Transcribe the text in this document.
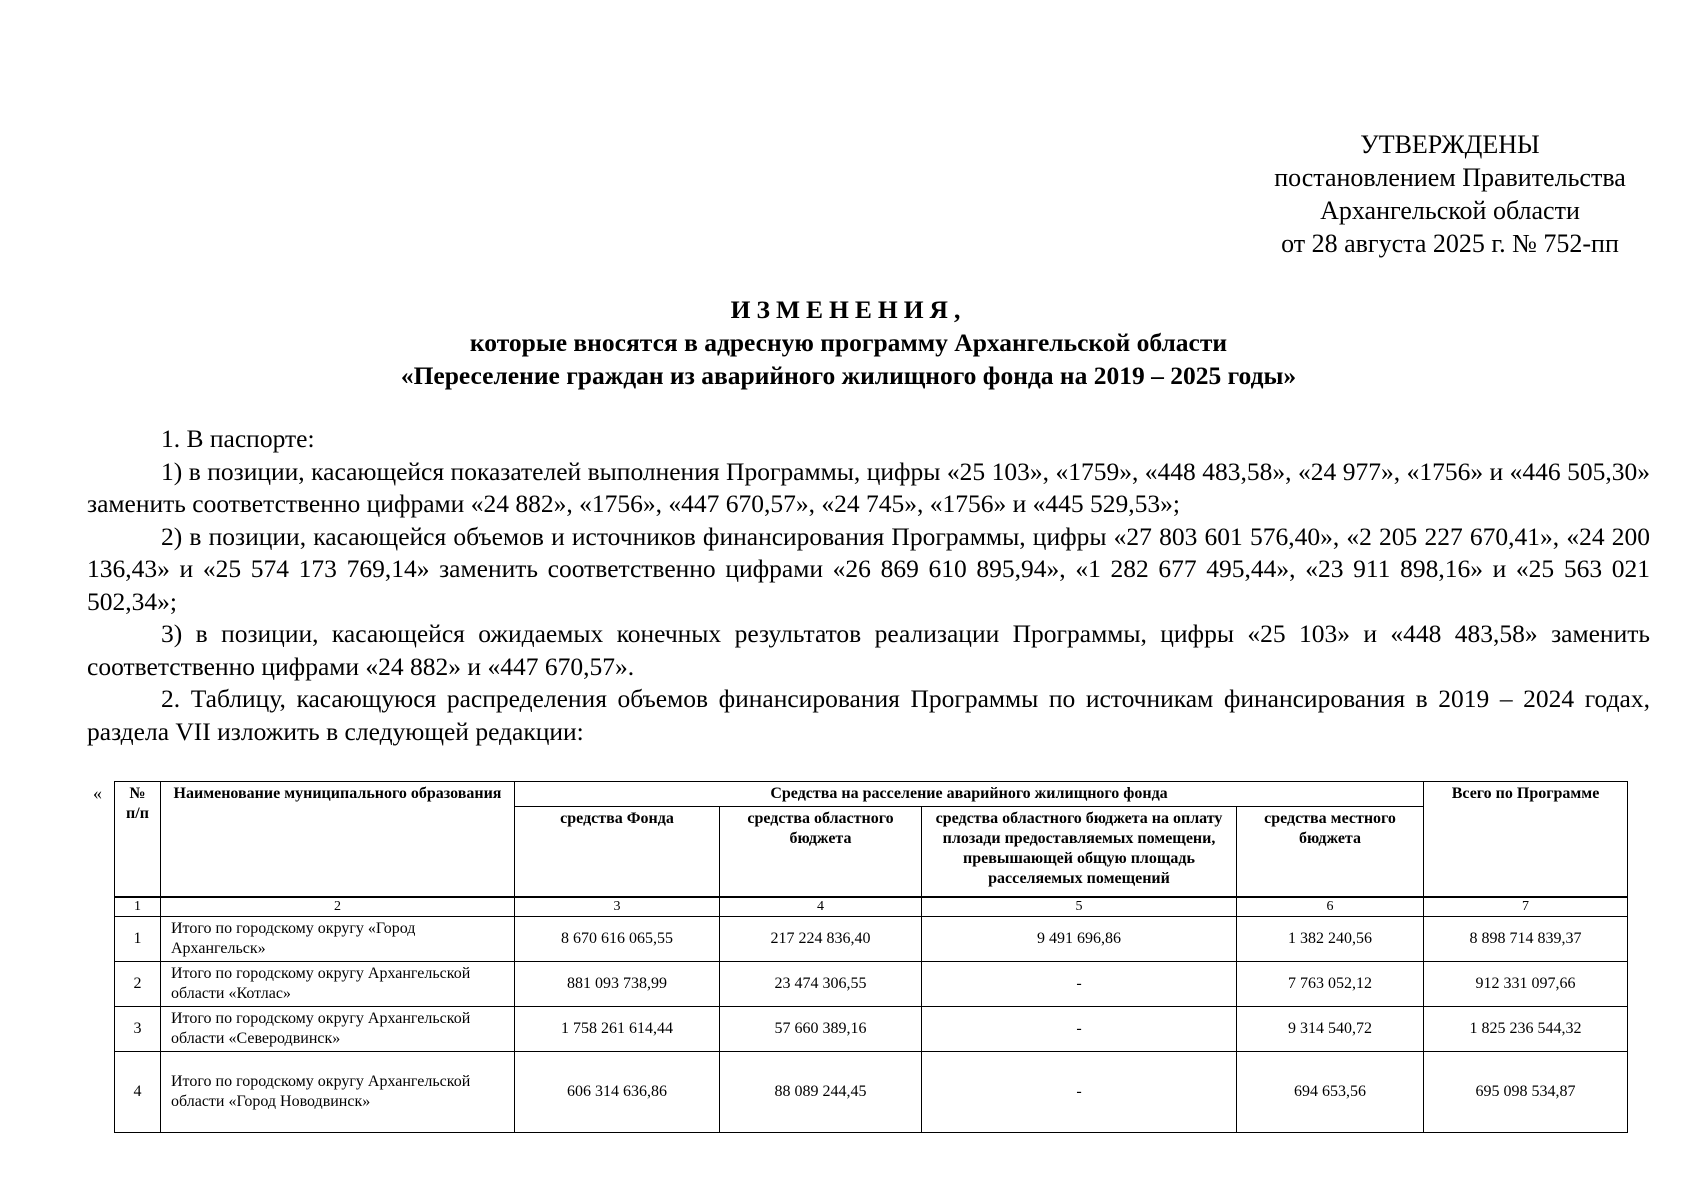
УТВЕРЖДЕНЫ
постановлением Правительства
Архангельской области
от 28 августа 2025 г. № 752-пп
ИЗМЕНЕНИЯ,
которые вносятся в адресную программу Архангельской области
«Переселение граждан из аварийного жилищного фонда на 2019 – 2025 годы»

1. В паспорте:

1) в позиции, касающейся показателей выполнения Программы, цифры «25 103», «1759», «448 483,58», «24 977», «1756» и «446 505,30» заменить соответственно цифрами «24 882», «1756», «447 670,57», «24 745», «1756» и «445 529,53»;

2) в позиции, касающейся объемов и источников финансирования Программы, цифры «27 803 601 576,40», «2 205 227 670,41», «24 200 136,43» и «25 574 173 769,14» заменить соответственно цифрами «26 869 610 895,94», «1 282 677 495,44», «23 911 898,16» и «25 563 021 502,34»;

3) в позиции, касающейся ожидаемых конечных результатов реализации Программы, цифры «25 103» и «448 483,58» заменить соответственно цифрами «24 882» и «447 670,57».

2. Таблицу, касающуюся распределения объемов финансирования Программы по источникам финансирования в 2019 – 2024 годах, раздела VII изложить в следующей редакции:

« № п/п	Наименование муниципального образования	Средства на расселение аварийного жилищного фонда				Всего по Программе
		средства Фонда	средства областного бюджета	средства областного бюджета на оплату плозади предоставляемых помещени, превышающей общую площадь расселяемых помещений	средства местного бюджета	
1	2	3	4	5	6	7
1	Итого по городскому округу «Город Архангельск»	8 670 616 065,55	217 224 836,40	9 491 696,86	1 382 240,56	8 898 714 839,37
2	Итого по городскому округу Архангельской области «Котлас»	881 093 738,99	23 474 306,55	-	7 763 052,12	912 331 097,66
3	Итого по городскому округу Архангельской области «Северодвинск»	1 758 261 614,44	57 660 389,16	-	9 314 540,72	1 825 236 544,32
4	Итого по городскому округу Архангельской области «Город Новодвинск»	606 314 636,86	88 089 244,45	-	694 653,56	695 098 534,87
